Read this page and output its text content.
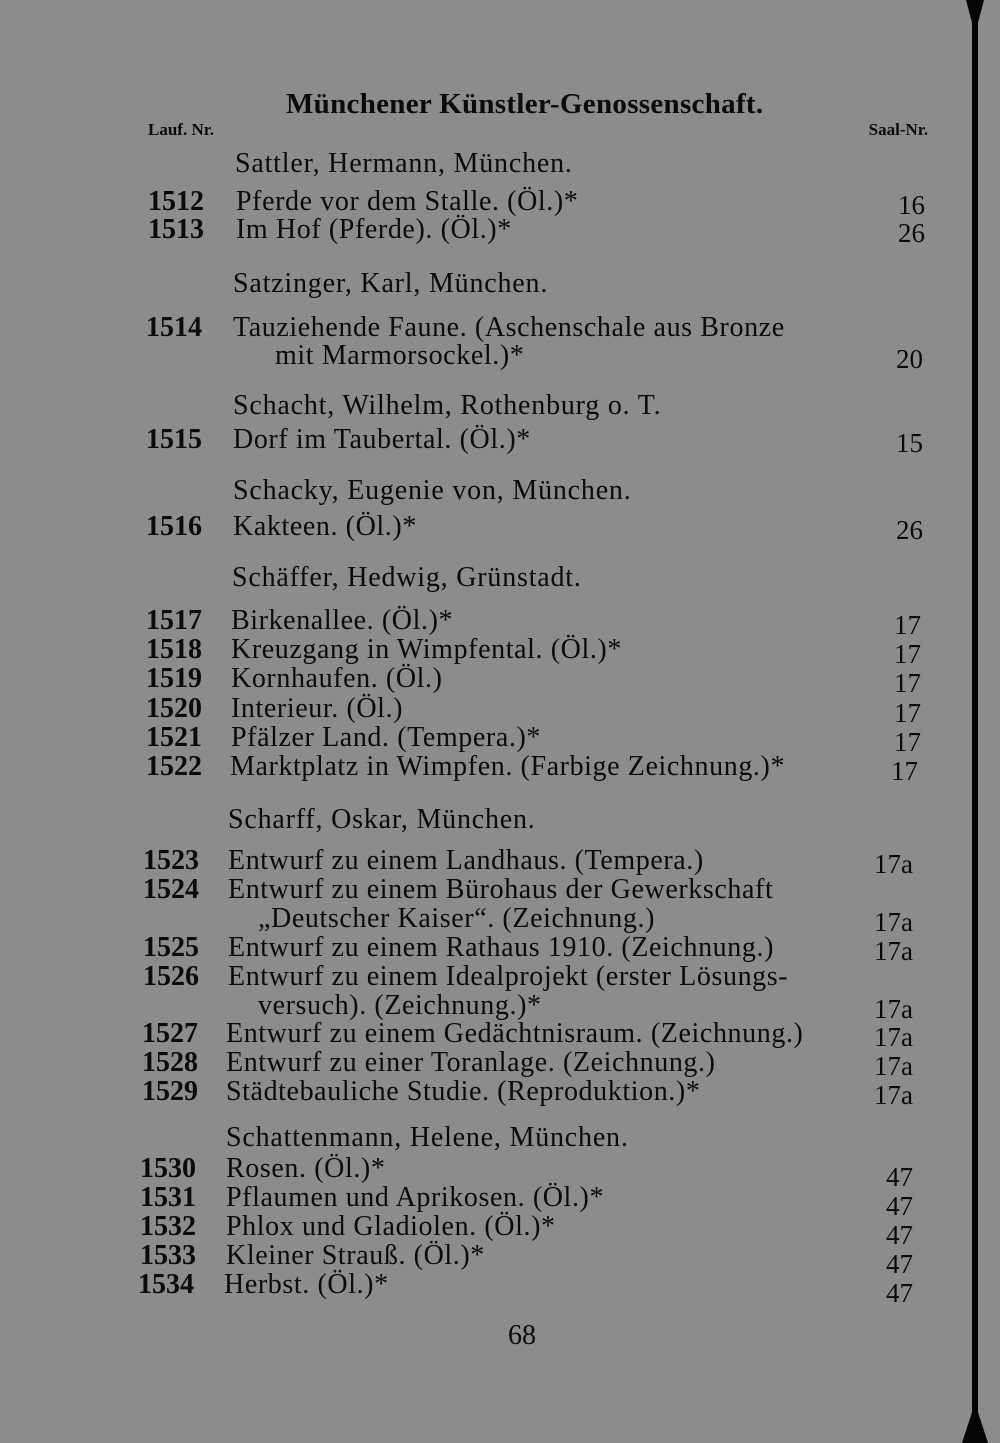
Münchener Künstler-Genossenschaft.
Lauf. Nr.	Saal-Nr.
Sattler, Hermann, München.
1512 Pferde vor dem Stalle. (Öl.)*	16
1513 Im Hof (Pferde). (Öl.)*	26
Satzinger, Karl, München.
1514 Tauziehende Faune. (Aschenschale aus Bronze
mit Marmorsockel.)*	20
Schacht, Wilhelm, Rothenburg o. T.
1515 Dorf im Taubertal. (Öl.)*	15
Schacky, Eugenie von, München.
1516 Kakteen. (Öl.)*	26
Schäffer, Hedwig, Grünstadt.
1517 Birkenallee. (Öl.)*	17
1518 Kreuzgang in Wimpfental. (Öl.)*	17
1519 Kornhaufen. (Öl.)	17
1520 Interieur. (Öl.)	17
1521 Pfälzer Land. (Tempera.)*	17
1522 Marktplatz in Wimpfen. (Farbige Zeichnung.)*	17
Scharff, Oskar, München.
1523 Entwurf zu einem Landhaus. (Tempera.)	17a
1524 Entwurf zu einem Bürohaus der Gewerkschaft
„Deutscher Kaiser“. (Zeichnung.)	17a
1525 Entwurf zu einem Rathaus 1910. (Zeichnung.)	17a
1526 Entwurf zu einem Idealprojekt (erster Lösungs-
versuch). (Zeichnung.)*	17a
1527 Entwurf zu einem Gedächtnisraum. (Zeichnung.)	17a
1528 Entwurf zu einer Toranlage. (Zeichnung.)	17a
1529 Städtebauliche Studie. (Reproduktion.)*	17a
Schattenmann, Helene, München.
1530 Rosen. (Öl.)*	47
1531 Pflaumen und Aprikosen. (Öl.)*	47
1532 Phlox und Gladiolen. (Öl.)*	47
1533 Kleiner Strauß. (Öl.)*	47
1534 Herbst. (Öl.)*	47
68
